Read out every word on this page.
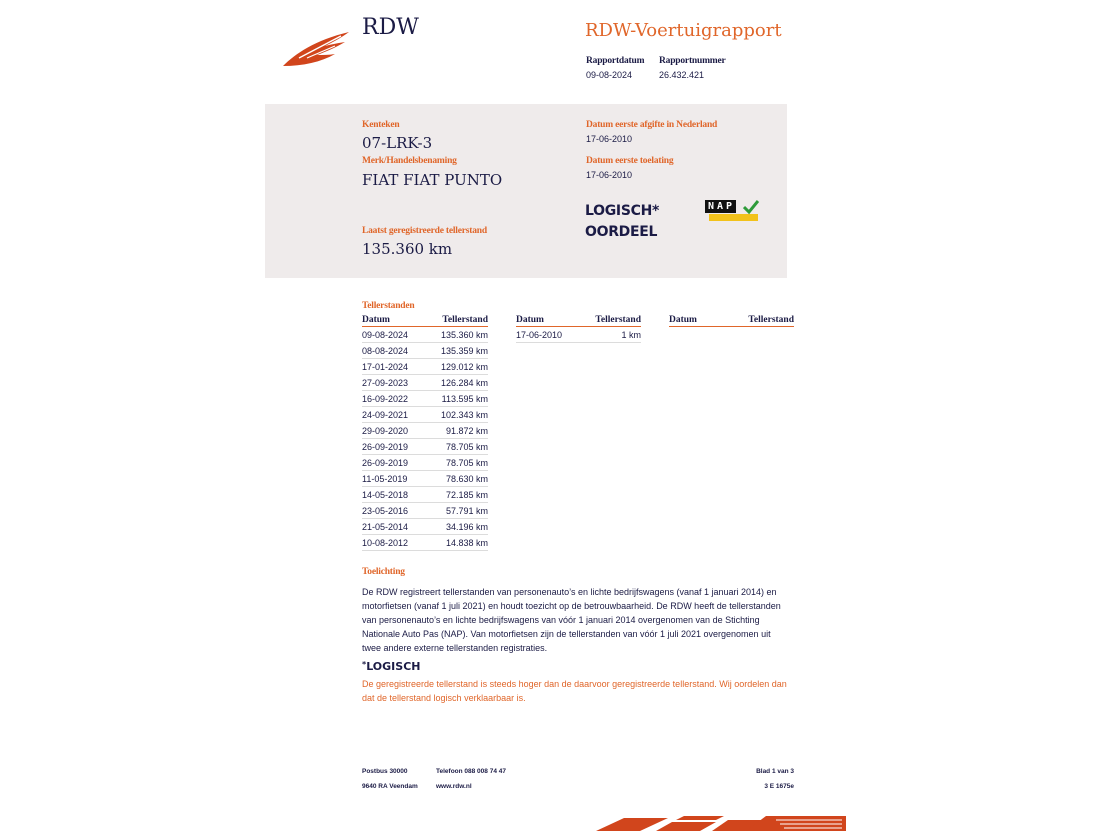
RDW	RDW-Voertuigrapport
Rapportdatum
09-08-2024
Rapportnummer
26.432.421
Kenteken
07-LRK-3
Merk/Handelsbenaming
FIAT FIAT PUNTO
Laatst geregistreerde tellerstand
135.360 km
Datum eerste afgifte in Nederland
17-06-2010
Datum eerste toelating
17-06-2010
LOGISCH*
OORDEEL
NAP
Tellerstanden
Datum	Tellerstand
09-08-2024	135.360 km
08-08-2024	135.359 km
17-01-2024	129.012 km
27-09-2023	126.284 km
16-09-2022	113.595 km
24-09-2021	102.343 km
29-09-2020	91.872 km
26-09-2019	78.705 km
26-09-2019	78.705 km
11-05-2019	78.630 km
14-05-2018	72.185 km
23-05-2016	57.791 km
21-05-2014	34.196 km
10-08-2012	14.838 km
Datum	Tellerstand
17-06-2010	1 km
Datum	Tellerstand
Toelichting
De RDW registreert tellerstanden van personenauto’s en lichte bedrijfswagens (vanaf 1 januari 2014) en
motorfietsen (vanaf 1 juli 2021) en houdt toezicht op de betrouwbaarheid. De RDW heeft de tellerstanden
van personenauto’s en lichte bedrijfswagens van vóór 1 januari 2014 overgenomen van de Stichting
Nationale Auto Pas (NAP). Van motorfietsen zijn de tellerstanden van vóór 1 juli 2021 overgenomen uit
twee andere externe tellerstanden registraties.
*LOGISCH
De geregistreerde tellerstand is steeds hoger dan de daarvoor geregistreerde tellerstand. Wij oordelen dan
dat de tellerstand logisch verklaarbaar is.
Postbus 30000
9640 RA Veendam
Telefoon 088 008 74 47
www.rdw.nl
Blad 1 van 3
3 E 1675e
